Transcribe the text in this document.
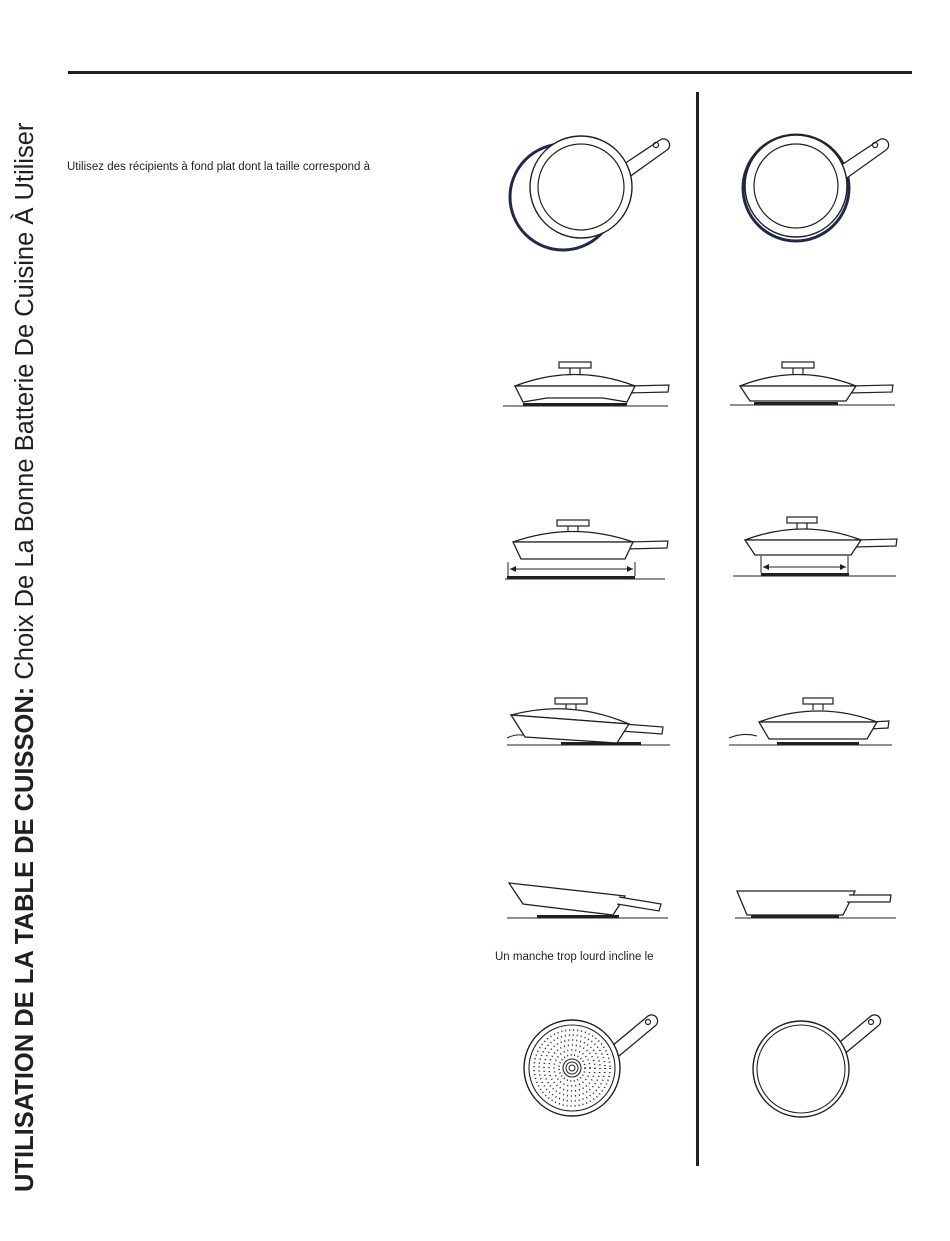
UTILISATION DE LA TABLE DE CUISSON: Choix De La Bonne Batterie De Cuisine À Utiliser Utilisez des récipients à fond plat dont la taille correspond à
Un manche trop lourd incline le
